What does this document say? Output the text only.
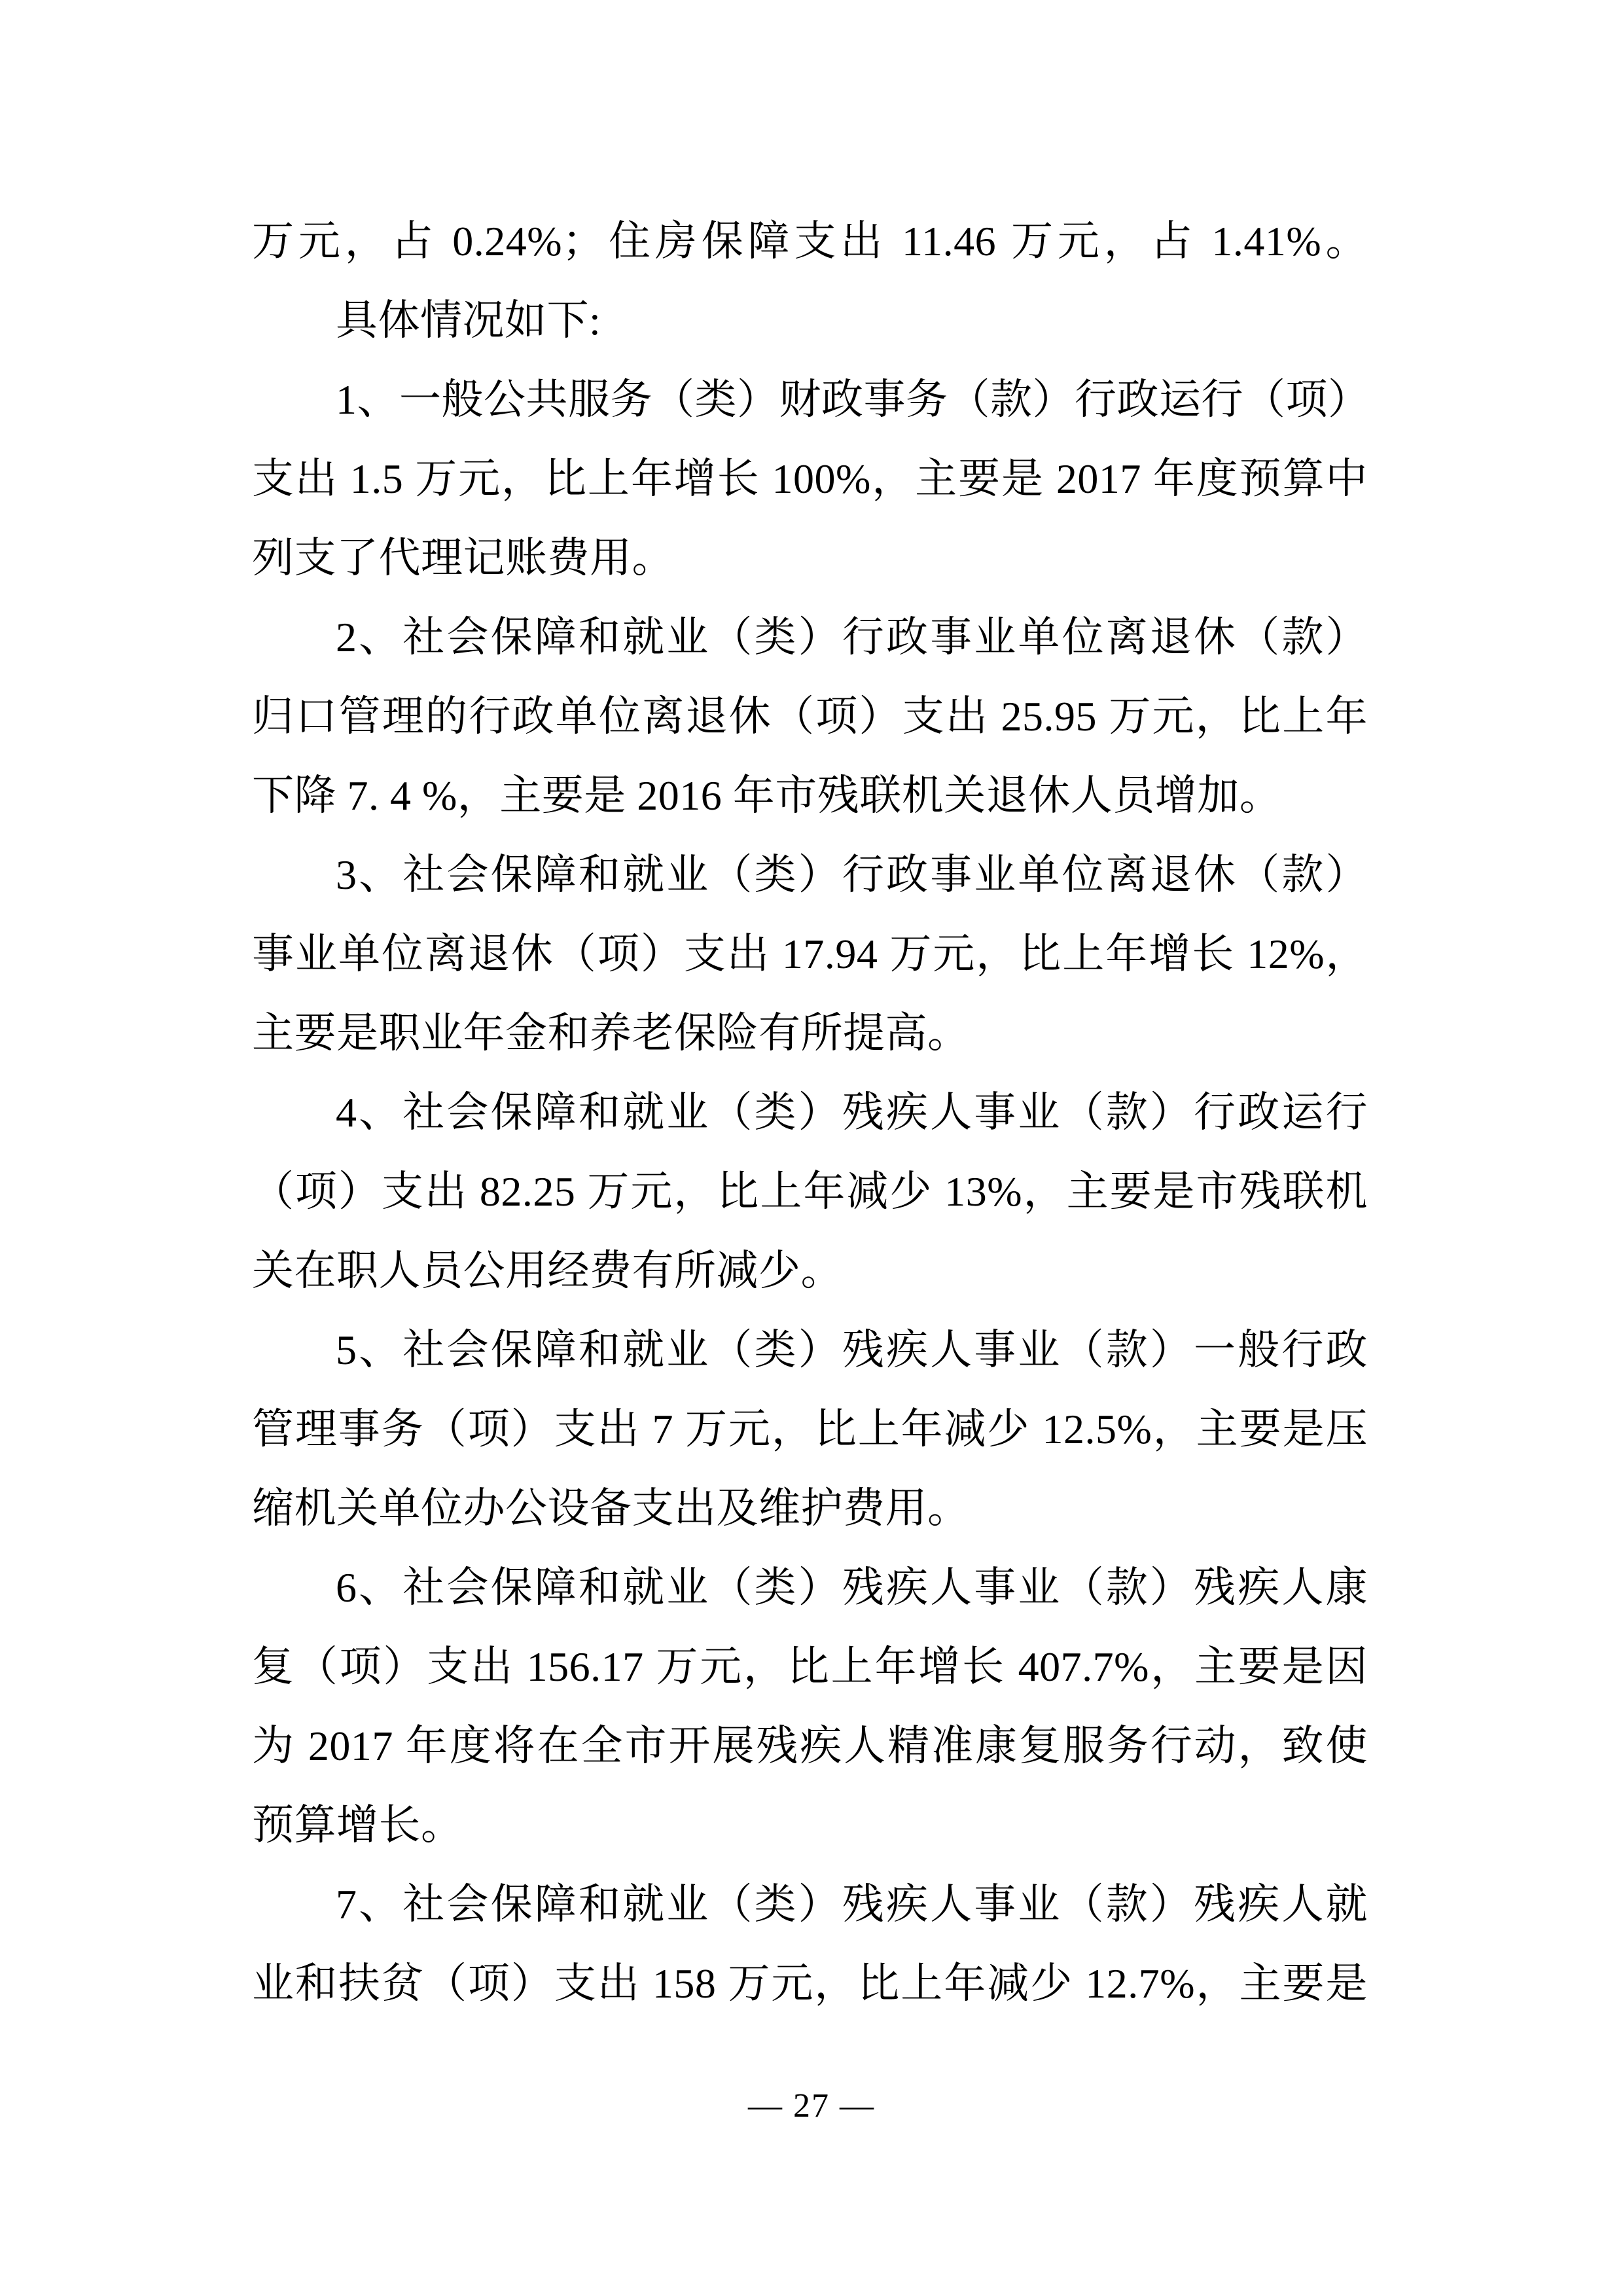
万元，占 0.24%；住房保障支出 11.46 万元，占 1.41%。
具体情况如下:
1、一般公共服务（类）财政事务（款）行政运行（项）
支出 1.5 万元，比上年增长 100%，主要是 2017 年度预算中
列支了代理记账费用。
2、社会保障和就业（类）行政事业单位离退休（款）
归口管理的行政单位离退休（项）支出 25.95 万元，比上年
下降 7. 4 %，主要是 2016 年市残联机关退休人员增加。
3、社会保障和就业（类）行政事业单位离退休（款）
事业单位离退休（项）支出 17.94 万元，比上年增长 12%，
主要是职业年金和养老保险有所提高。
4、社会保障和就业（类）残疾人事业（款）行政运行
（项）支出 82.25 万元，比上年减少 13%，主要是市残联机
关在职人员公用经费有所减少。
5、社会保障和就业（类）残疾人事业（款）一般行政
管理事务（项）支出 7 万元，比上年减少 12.5%，主要是压
缩机关单位办公设备支出及维护费用。
6、社会保障和就业（类）残疾人事业（款）残疾人康
复（项）支出 156.17 万元，比上年增长 407.7%，主要是因
为 2017 年度将在全市开展残疾人精准康复服务行动，致使
预算增长。
7、社会保障和就业（类）残疾人事业（款）残疾人就
业和扶贫（项）支出 158 万元，比上年减少 12.7%，主要是
— 27 —
